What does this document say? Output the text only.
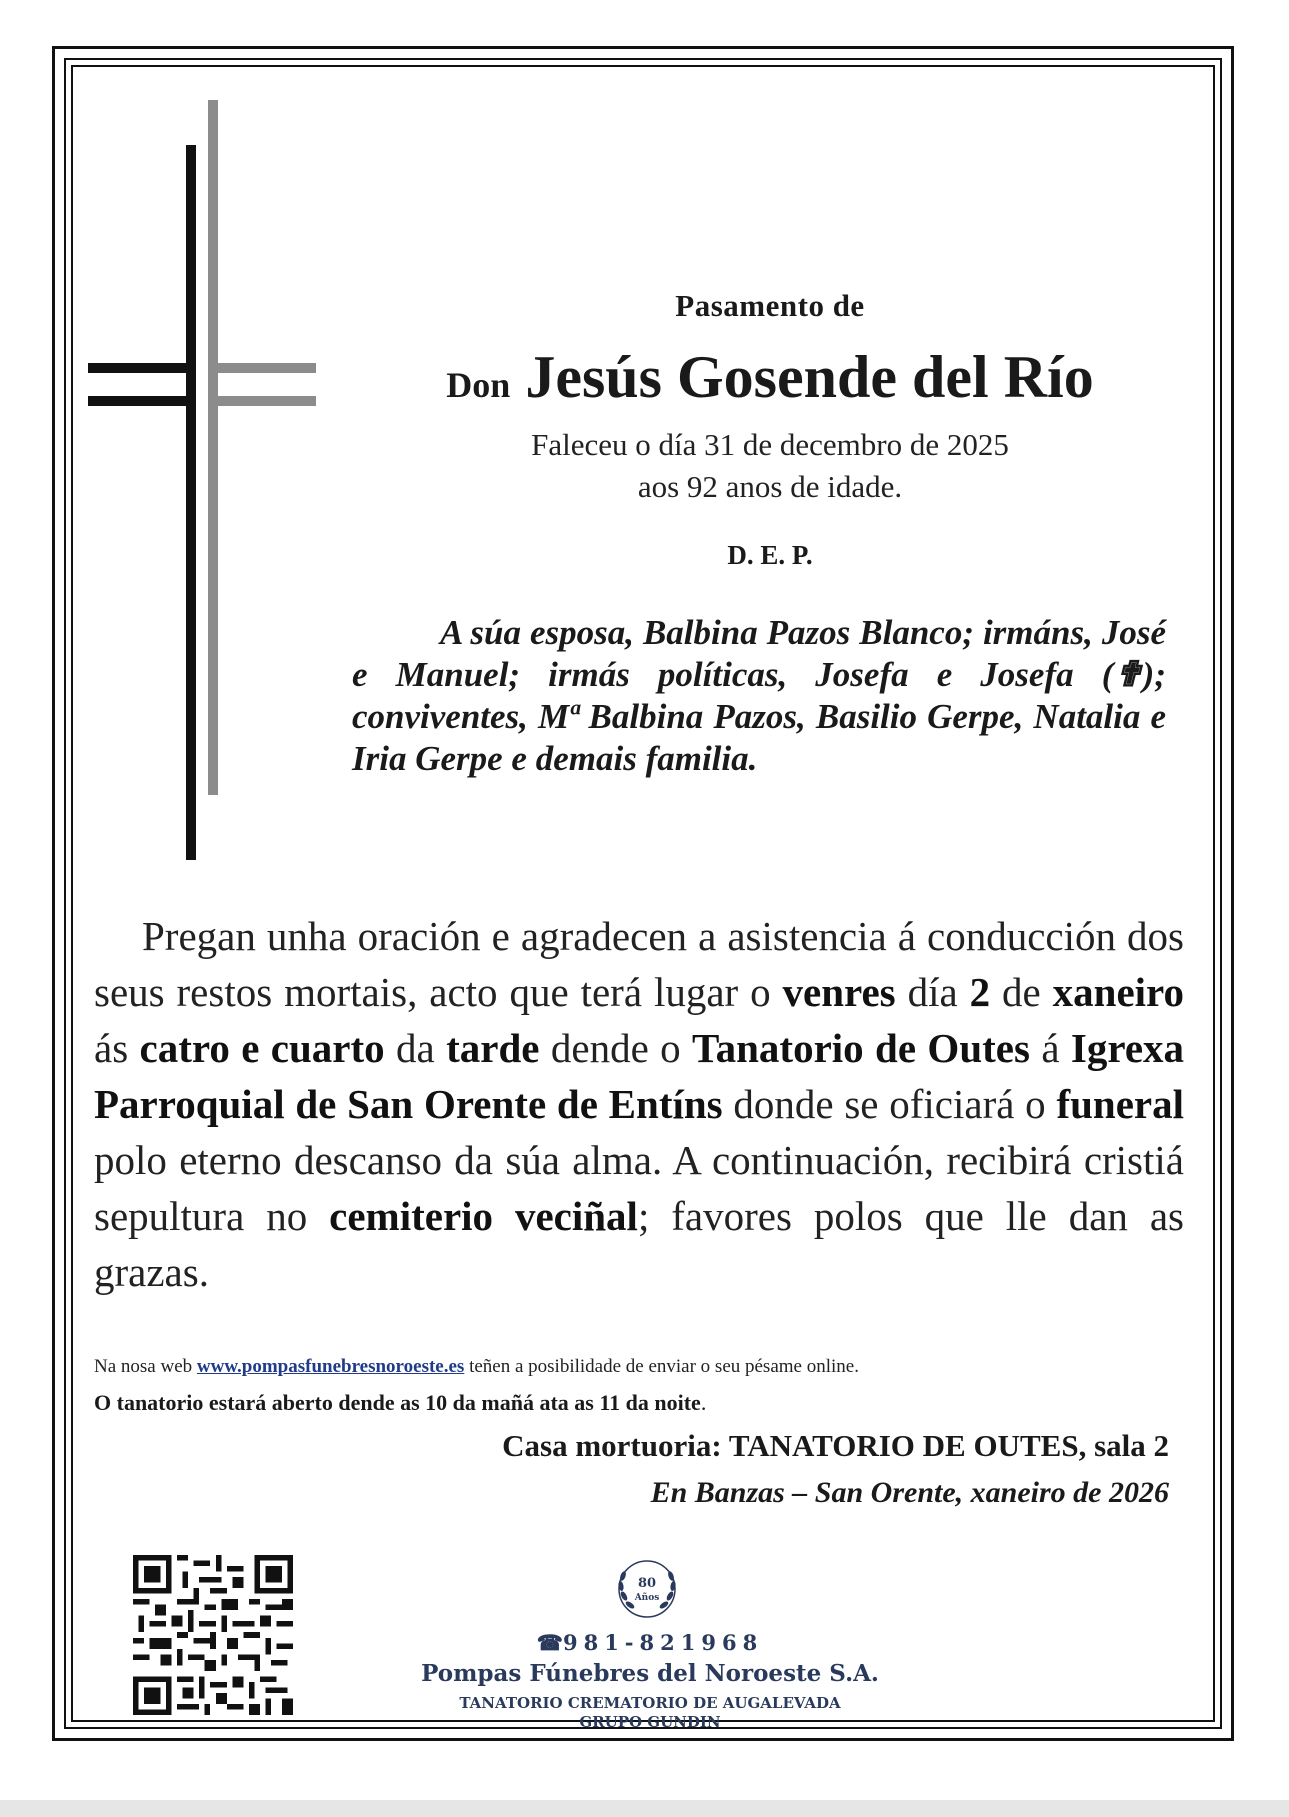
Pasamento de
Don Jesús Gosende del Río
Faleceu o día 31 de decembro de 2025
aos 92 anos de idade.
D. E. P.
A súa esposa, Balbina Pazos Blanco; irmáns, José e Manuel; irmás políticas, Josefa e Josefa (✟); conviventes, Mª Balbina Pazos, Basilio Gerpe, Natalia e Iria Gerpe e demais familia.
Pregan unha oración e agradecen a asistencia á conducción dos seus restos mortais, acto que terá lugar o venres día 2 de xaneiro ás catro e cuarto da tarde dende o Tanatorio de Outes á Igrexa Parroquial de San Orente de Entíns donde se oficiará o funeral polo eterno descanso da súa alma. A continuación, recibirá cristiá sepultura no cemiterio veciñal; favores polos que lle dan as grazas.
Na nosa web www.pompasfunebresnoroeste.es teñen a posibilidade de enviar o seu pésame online.
O tanatorio estará aberto dende as 10 da mañá ata as 11 da noite.
Casa mortuoria: TANATORIO DE OUTES, sala 2
En Banzas – San Orente, xaneiro de 2026
80
Años
☎981-821968
Pompas Fúnebres del Noroeste S.A.
TANATORIO CREMATORIO DE AUGALEVADA
GRUPO GUNDIN
